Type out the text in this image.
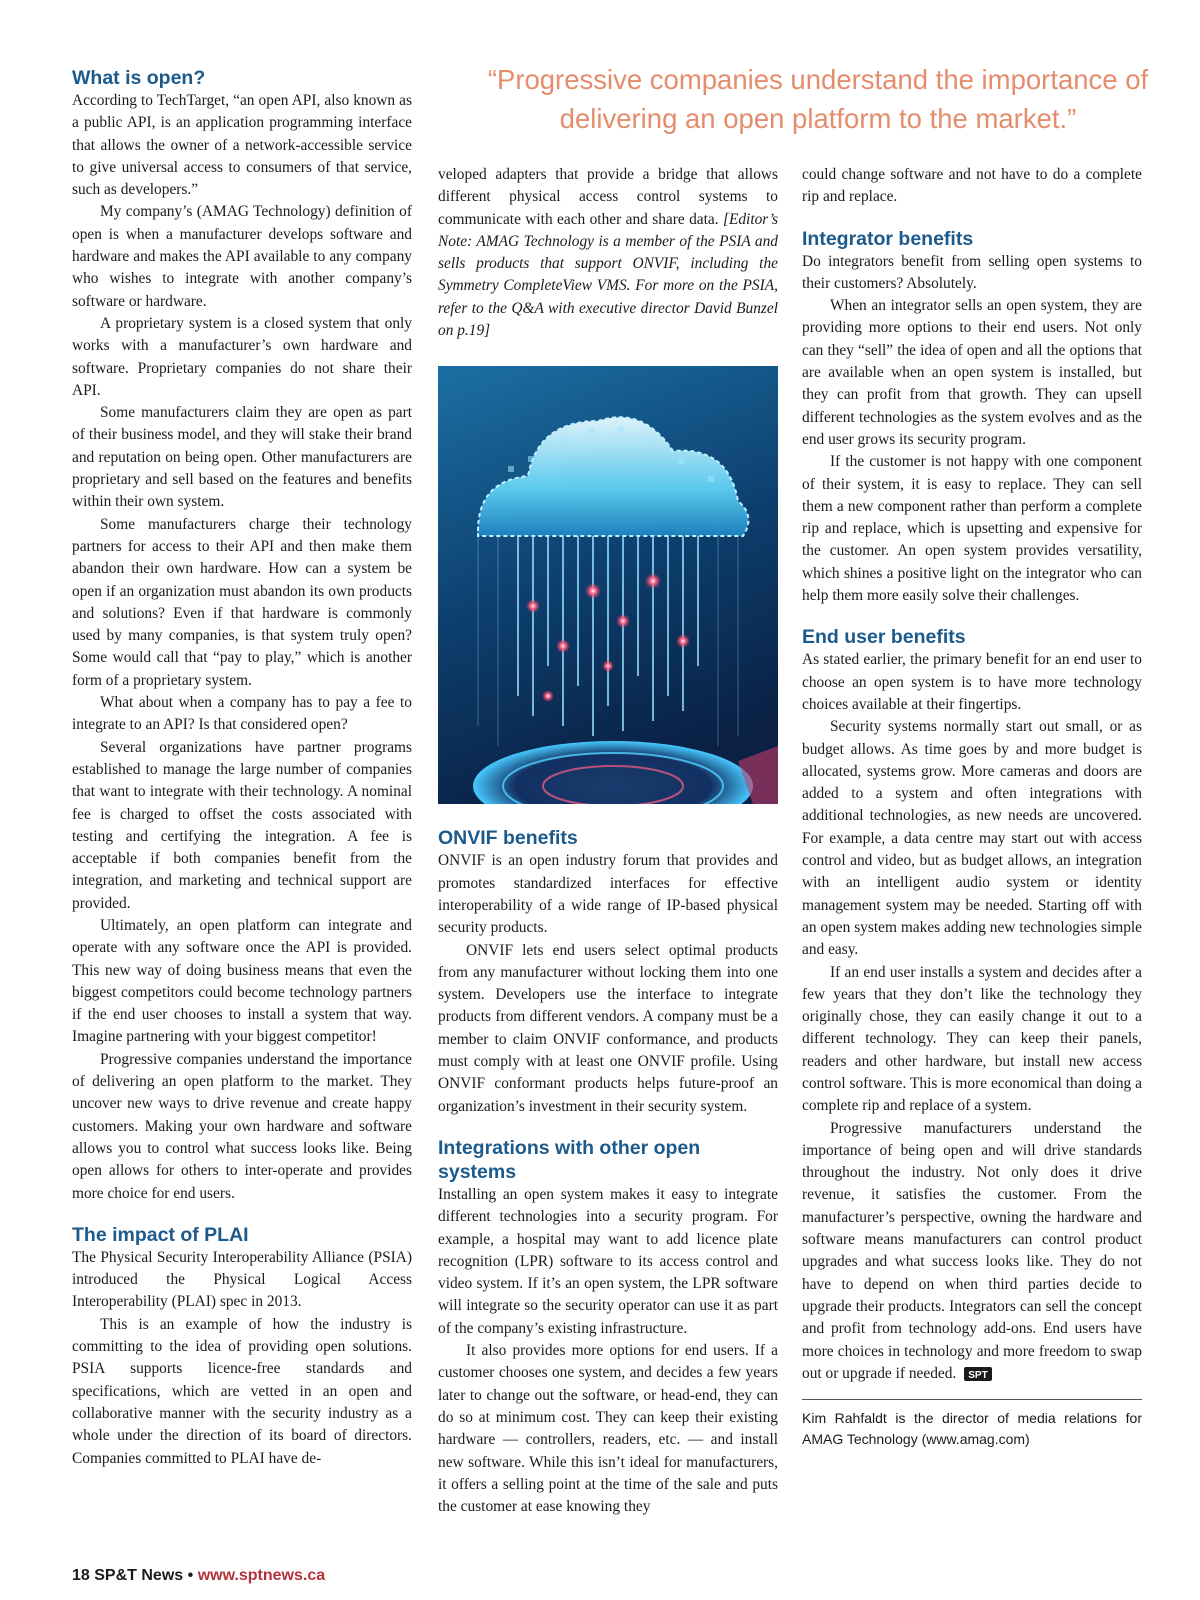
“Progressive companies understand the importance of delivering an open platform to the market.”

What is open?

According to TechTarget, “an open API, also known as a public API, is an application programming interface that allows the owner of a network-accessible service to give universal access to consumers of that service, such as developers.”

My company’s (AMAG Technology) definition of open is when a manufacturer develops software and hardware and makes the API available to any company who wishes to integrate with another company’s software or hardware.

A proprietary system is a closed system that only works with a manufacturer’s own hardware and software. Proprietary companies do not share their API.

Some manufacturers claim they are open as part of their business model, and they will stake their brand and reputation on being open. Other manufacturers are proprietary and sell based on the features and benefits within their own system.

Some manufacturers charge their technology partners for access to their API and then make them abandon their own hardware. How can a system be open if an organization must abandon its own products and solutions? Even if that hardware is commonly used by many companies, is that system truly open? Some would call that “pay to play,” which is another form of a proprietary system.

What about when a company has to pay a fee to integrate to an API? Is that considered open?

Several organizations have partner programs established to manage the large number of companies that want to integrate with their technology. A nominal fee is charged to offset the costs associated with testing and certifying the integration. A fee is acceptable if both companies benefit from the integration, and marketing and technical support are provided.

Ultimately, an open platform can integrate and operate with any software once the API is provided. This new way of doing business means that even the biggest competitors could become technology partners if the end user chooses to install a system that way. Imagine partnering with your biggest competitor!

Progressive companies understand the importance of delivering an open platform to the market. They uncover new ways to drive revenue and create happy customers. Making your own hardware and software allows you to control what success looks like. Being open allows for others to inter-operate and provides more choice for end users.

The impact of PLAI

The Physical Security Interoperability Alliance (PSIA) introduced the Physical Logical Access Interoperability (PLAI) spec in 2013.

This is an example of how the industry is committing to the idea of providing open solutions. PSIA supports licence-free standards and specifications, which are vetted in an open and collaborative manner with the security industry as a whole under the direction of its board of directors. Companies committed to PLAI have de-

veloped adapters that provide a bridge that allows different physical access control systems to communicate with each other and share data. [Editor’s Note: AMAG Technology is a member of the PSIA and sells products that support ONVIF, including the Symmetry CompleteView VMS. For more on the PSIA, refer to the Q&A with executive director David Bunzel on p.19]

ONVIF benefits

ONVIF is an open industry forum that provides and promotes standardized interfaces for effective interoperability of a wide range of IP-based physical security products.

ONVIF lets end users select optimal products from any manufacturer without locking them into one system. Developers use the interface to integrate products from different vendors. A company must be a member to claim ONVIF conformance, and products must comply with at least one ONVIF profile. Using ONVIF conformant products helps future-proof an organization’s investment in their security system.

Integrations with other open systems

Installing an open system makes it easy to integrate different technologies into a security program. For example, a hospital may want to add licence plate recognition (LPR) software to its access control and video system. If it’s an open system, the LPR software will integrate so the security operator can use it as part of the company’s existing infrastructure.

It also provides more options for end users. If a customer chooses one system, and decides a few years later to change out the software, or head-end, they can do so at minimum cost. They can keep their existing hardware — controllers, readers, etc. — and install new software. While this isn’t ideal for manufacturers, it offers a selling point at the time of the sale and puts the customer at ease knowing they

could change software and not have to do a complete rip and replace.

Integrator benefits

Do integrators benefit from selling open systems to their customers? Absolutely.

When an integrator sells an open system, they are providing more options to their end users. Not only can they “sell” the idea of open and all the options that are available when an open system is installed, but they can profit from that growth. They can upsell different technologies as the system evolves and as the end user grows its security program.

If the customer is not happy with one component of their system, it is easy to replace. They can sell them a new component rather than perform a complete rip and replace, which is upsetting and expensive for the customer. An open system provides versatility, which shines a positive light on the integrator who can help them more easily solve their challenges.

End user benefits

As stated earlier, the primary benefit for an end user to choose an open system is to have more technology choices available at their fingertips.

Security systems normally start out small, or as budget allows. As time goes by and more budget is allocated, systems grow. More cameras and doors are added to a system and often integrations with additional technologies, as new needs are uncovered. For example, a data centre may start out with access control and video, but as budget allows, an integration with an intelligent audio system or identity management system may be needed. Starting off with an open system makes adding new technologies simple and easy.

If an end user installs a system and decides after a few years that they don’t like the technology they originally chose, they can easily change it out to a different technology. They can keep their panels, readers and other hardware, but install new access control software. This is more economical than doing a complete rip and replace of a system.

Progressive manufacturers understand the importance of being open and will drive standards throughout the industry. Not only does it drive revenue, it satisfies the customer. From the manufacturer’s perspective, owning the hardware and software means manufacturers can control product upgrades and what success looks like. They do not have to depend on when third parties decide to upgrade their products. Integrators can sell the concept and profit from technology add-ons. End users have more choices in technology and more freedom to swap out or upgrade if needed. SPT

Kim Rahfaldt is the director of media relations for AMAG Technology (www.amag.com)

18 SP&T News • www.sptnews.ca
